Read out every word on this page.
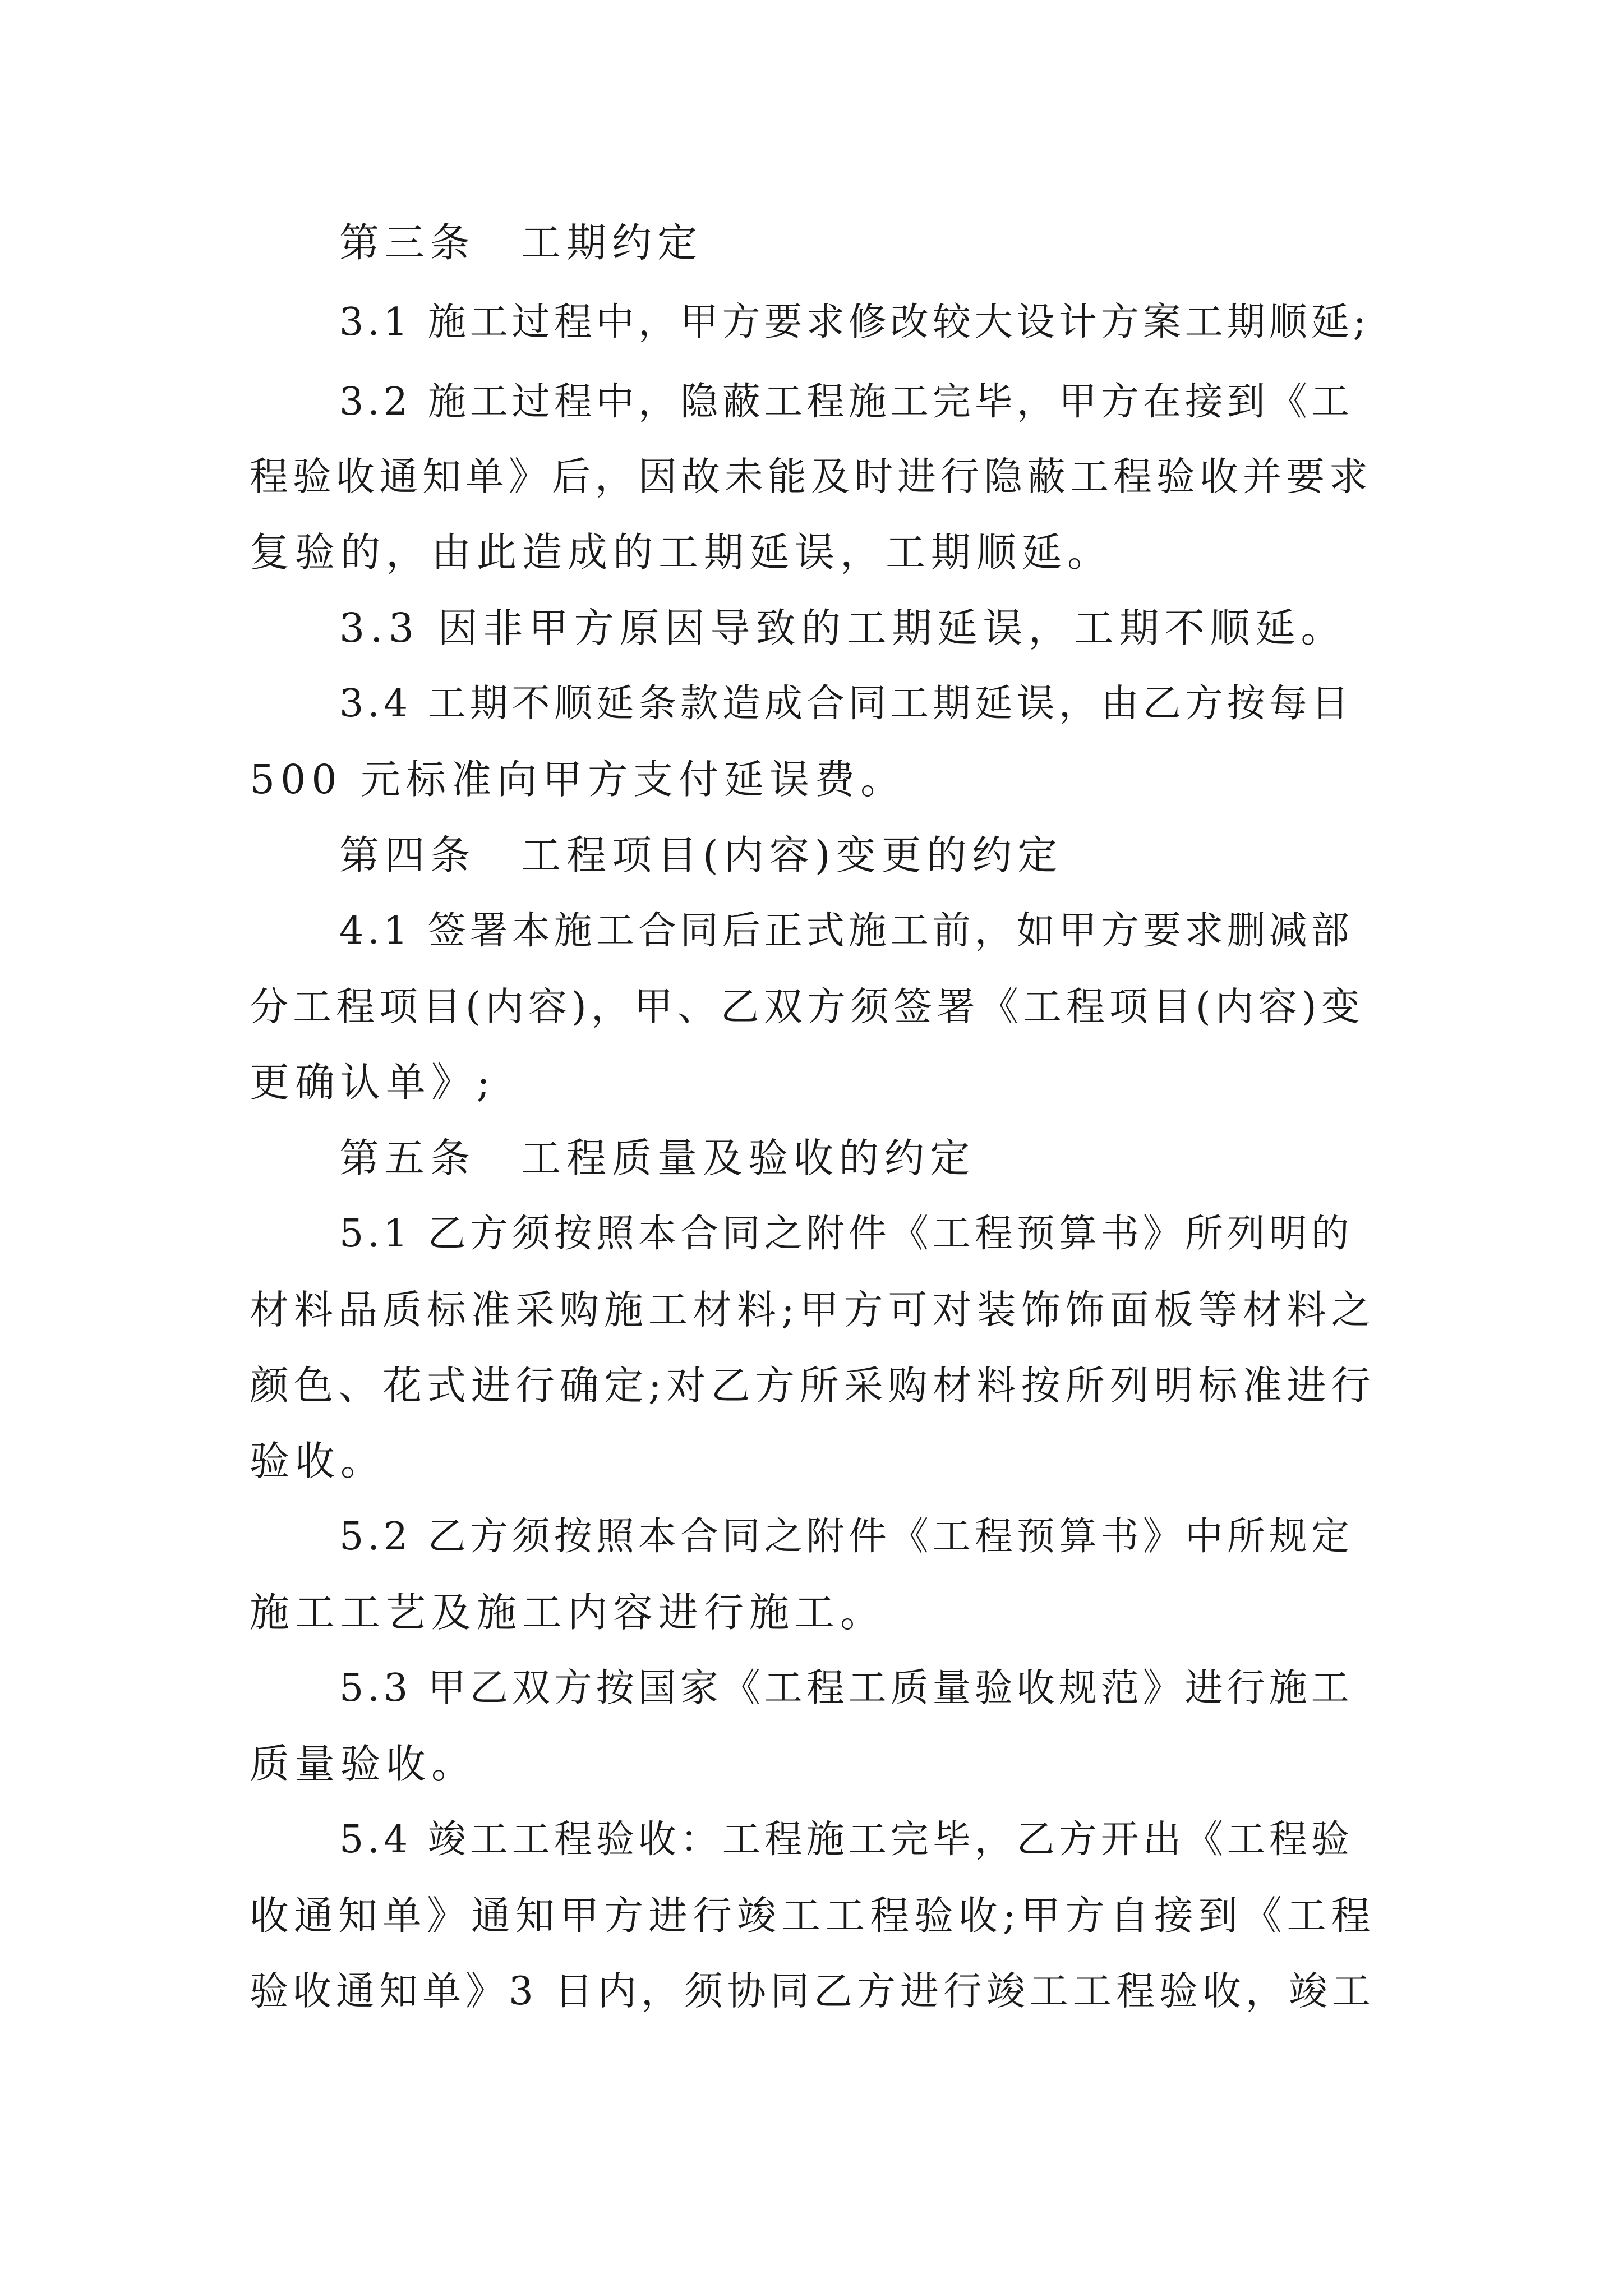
第三条　工期约定
3.1 施工过程中，甲方要求修改较大设计方案工期顺延;
3.2 施工过程中，隐蔽工程施工完毕，甲方在接到《工
程验收通知单》后，因故未能及时进行隐蔽工程验收并要求
复验的，由此造成的工期延误，工期顺延。
3.3 因非甲方原因导致的工期延误，工期不顺延。
3.4 工期不顺延条款造成合同工期延误，由乙方按每日
500 元标准向甲方支付延误费。
第四条　工程项目(内容)变更的约定
4.1 签署本施工合同后正式施工前，如甲方要求删减部
分工程项目(内容)，甲、乙双方须签署《工程项目(内容)变
更确认单》;
第五条　工程质量及验收的约定
5.1 乙方须按照本合同之附件《工程预算书》所列明的
材料品质标准采购施工材料;甲方可对装饰饰面板等材料之
颜色、花式进行确定;对乙方所采购材料按所列明标准进行
验收。
5.2 乙方须按照本合同之附件《工程预算书》中所规定
施工工艺及施工内容进行施工。
5.3 甲乙双方按国家《工程工质量验收规范》进行施工
质量验收。
5.4 竣工工程验收：工程施工完毕，乙方开出《工程验
收通知单》通知甲方进行竣工工程验收;甲方自接到《工程
验收通知单》3 日内，须协同乙方进行竣工工程验收，竣工
